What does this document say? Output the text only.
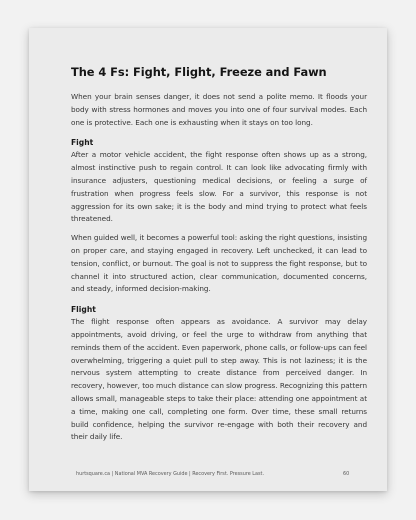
The 4 Fs: Fight, Flight, Freeze and Fawn

When your brain senses danger, it does not send a polite memo. It floods your body with stress hormones and moves you into one of four survival modes. Each one is protective. Each one is exhausting when it stays on too long.

Fight

After a motor vehicle accident, the fight response often shows up as a strong, almost instinctive push to regain control. It can look like advocating firmly with insurance adjusters, questioning medical decisions, or feeling a surge of frustration when progress feels slow. For a survivor, this response is not aggression for its own sake; it is the body and mind trying to protect what feels threatened.

When guided well, it becomes a powerful tool: asking the right questions, insisting on proper care, and staying engaged in recovery. Left unchecked, it can lead to tension, conflict, or burnout. The goal is not to suppress the fight response, but to channel it into structured action, clear communication, documented concerns, and steady, informed decision-making.

Flight

The flight response often appears as avoidance. A survivor may delay appointments, avoid driving, or feel the urge to withdraw from anything that reminds them of the accident. Even paperwork, phone calls, or follow-ups can feel overwhelming, triggering a quiet pull to step away. This is not laziness; it is the nervous system attempting to create distance from perceived danger. In recovery, however, too much distance can slow progress. Recognizing this pattern allows small, manageable steps to take their place: attending one appointment at a time, making one call, completing one form. Over time, these small returns build confidence, helping the survivor re-engage with both their recovery and their daily life.

hurtsquare.ca | National MVA Recovery Guide | Recovery First. Pressure Last.	60
